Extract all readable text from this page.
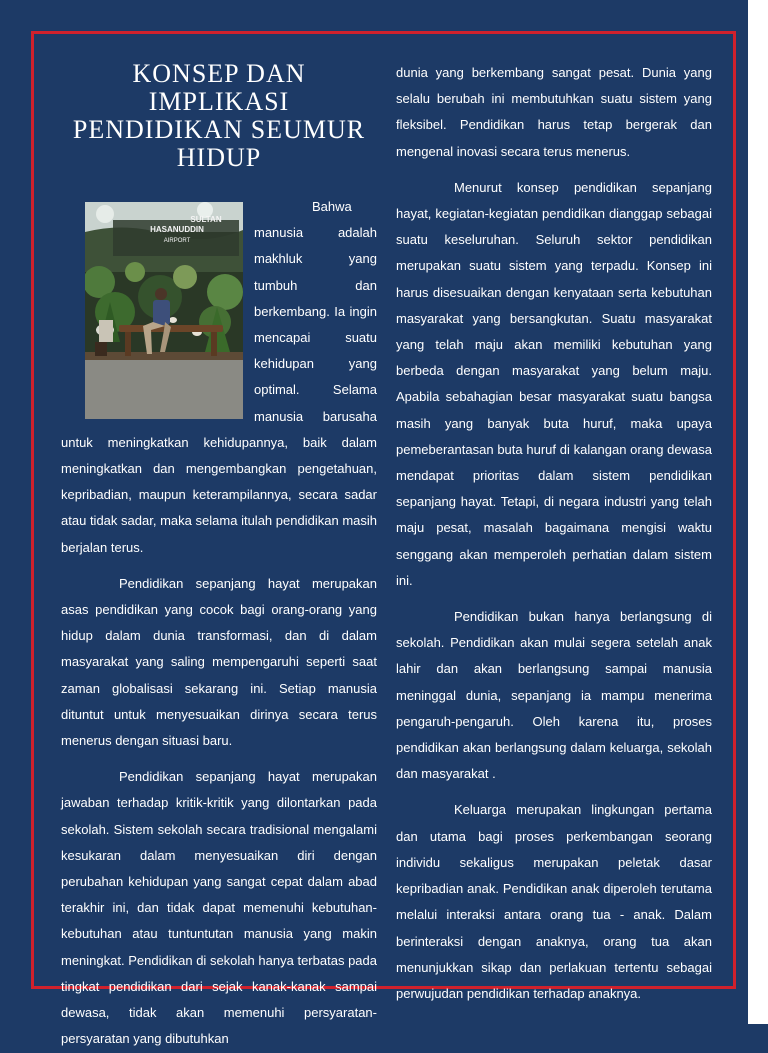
KONSEP DAN IMPLIKASI PENDIDIKAN SEUMUR HIDUP

SULTAN HASANUDDIN
AIRPORT
Bahwa manusia adalah makhluk yang tumbuh dan berkembang. Ia ingin mencapai suatu kehidupan yang optimal. Selama manusia barusaha untuk meningkatkan kehidupannya, baik dalam meningkatkan dan mengembangkan pengetahuan, kepribadian, maupun keterampilannya, secara sadar atau tidak sadar, maka selama itulah pendidikan masih berjalan terus.

Pendidikan sepanjang hayat merupakan asas pendidikan yang cocok bagi orang-orang yang hidup dalam dunia transformasi, dan di dalam masyarakat yang saling mempengaruhi seperti saat zaman globalisasi sekarang ini. Setiap manusia dituntut untuk menyesuaikan dirinya secara terus menerus dengan situasi baru.

Pendidikan sepanjang hayat merupakan jawaban terhadap kritik-kritik yang dilontarkan pada sekolah. Sistem sekolah secara tradisional mengalami kesukaran dalam menyesuaikan diri dengan perubahan kehidupan yang sangat cepat dalam abad terakhir ini, dan tidak dapat memenuhi kebutuhan-kebutuhan atau tuntuntutan manusia yang makin meningkat. Pendidikan di sekolah hanya terbatas pada tingkat pendidikan dari sejak kanak-kanak sampai dewasa, tidak akan memenuhi persyaratan-persyaratan yang dibutuhkan

dunia yang berkembang sangat pesat. Dunia yang selalu berubah ini membutuhkan suatu sistem yang fleksibel. Pendidikan harus tetap bergerak dan mengenal inovasi secara terus menerus.

Menurut konsep pendidikan sepanjang hayat, kegiatan-kegiatan pendidikan dianggap sebagai suatu keseluruhan. Seluruh sektor pendidikan merupakan suatu sistem yang terpadu. Konsep ini harus disesuaikan dengan kenyataan serta kebutuhan masyarakat yang bersangkutan. Suatu masyarakat yang telah maju akan memiliki kebutuhan yang berbeda dengan masyarakat yang belum maju. Apabila sebahagian besar masyarakat suatu bangsa masih yang banyak buta huruf, maka upaya pemeberantasan buta huruf di kalangan orang dewasa mendapat prioritas dalam sistem pendidikan sepanjang hayat. Tetapi, di negara industri yang telah maju pesat, masalah bagaimana mengisi waktu senggang akan memperoleh perhatian dalam sistem ini.

Pendidikan bukan hanya berlangsung di sekolah. Pendidikan akan mulai segera setelah anak lahir dan akan berlangsung sampai manusia meninggal dunia, sepanjang ia mampu menerima pengaruh-pengaruh. Oleh karena itu, proses pendidikan akan berlangsung dalam keluarga, sekolah dan masyarakat .

Keluarga merupakan lingkungan pertama dan utama bagi proses perkembangan seorang individu sekaligus merupakan peletak dasar kepribadian anak. Pendidikan anak diperoleh terutama melalui interaksi antara orang tua - anak. Dalam berinteraksi dengan anaknya, orang tua akan menunjukkan sikap dan perlakuan tertentu sebagai perwujudan pendidikan terhadap anaknya.
